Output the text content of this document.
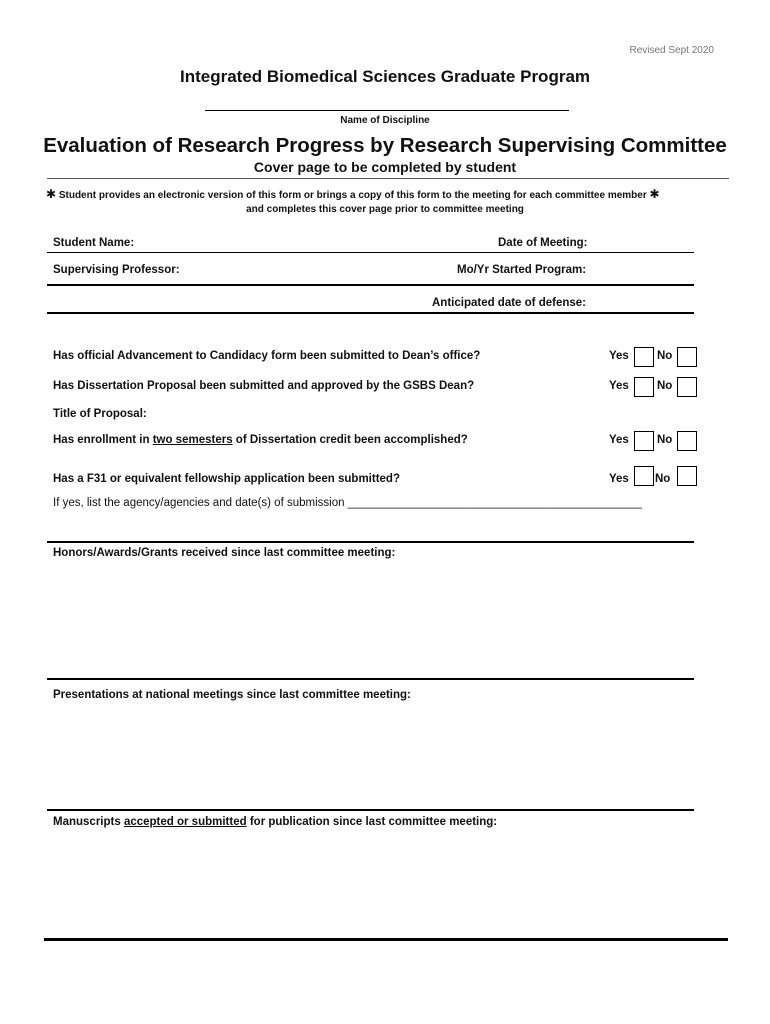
Revised Sept 2020
Integrated Biomedical Sciences Graduate Program
Name of Discipline
Evaluation of Research Progress by Research Supervising Committee
Cover page to be completed by student
✱ Student provides an electronic version of this form or brings a copy of this form to the meeting for each committee member ✱
and completes this cover page prior to committee meeting
Student Name:	Date of Meeting:
Supervising Professor:	Mo/Yr Started Program:
Anticipated date of defense:
Has official Advancement to Candidacy form been submitted to Dean’s office?	Yes No
Has Dissertation Proposal been submitted and approved by the GSBS Dean?	Yes No
Title of Proposal:
Has enrollment in two semesters of Dissertation credit been accomplished?	Yes No
Has a F31 or equivalent fellowship application been submitted?	Yes No
If yes, list the agency/agencies and date(s) of submission ______________________________________________
Honors/Awards/Grants received since last committee meeting:
Presentations at national meetings since last committee meeting:
Manuscripts accepted or submitted for publication since last committee meeting:
